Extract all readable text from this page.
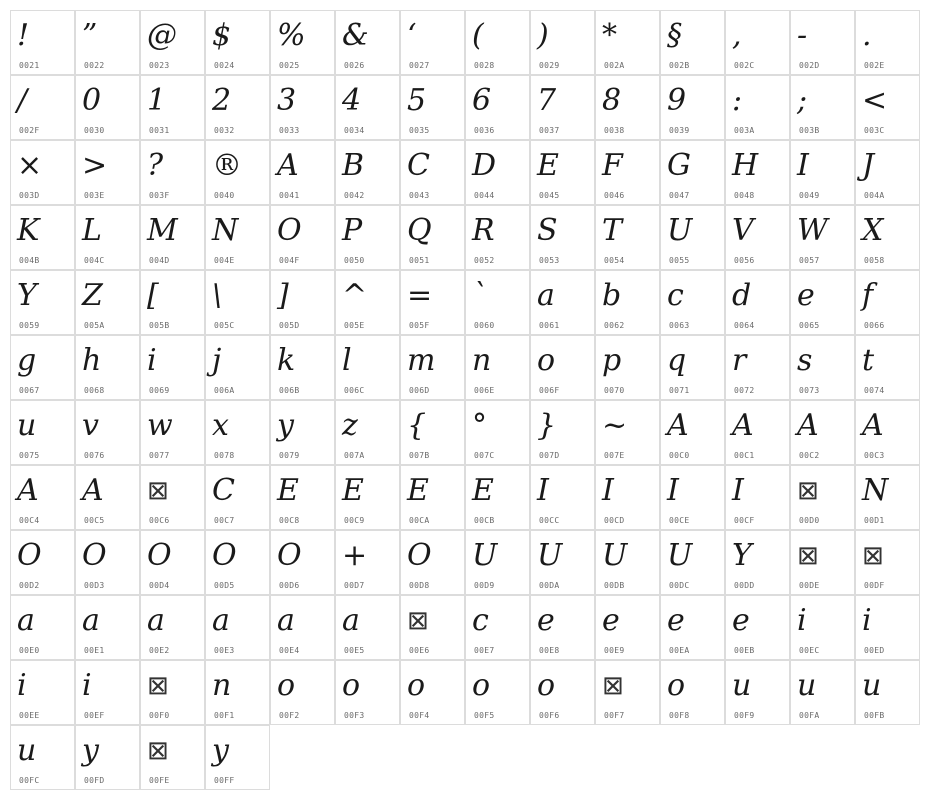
!
0021
”
0022
@
0023
$
0024
%
0025
&
0026
‘
0027
(
0028
)
0029
*
002A
§
002B
,
002C
-
002D
.
002E
/
002F
0
0030
1
0031
2
0032
3
0033
4
0034
5
0035
6
0036
7
0037
8
0038
9
0039
:
003A
;
003B
<
003C
×
003D
>
003E
?
003F
®
0040
A
0041
B
0042
C
0043
D
0044
E
0045
F
0046
G
0047
H
0048
I
0049
J
004A
K
004B
L
004C
M
004D
N
004E
O
004F
P
0050
Q
0051
R
0052
S
0053
T
0054
U
0055
V
0056
W
0057
X
0058
Y
0059
Z
005A
[
005B
\
005C
]
005D
^
005E
=
005F
`
0060
a
0061
b
0062
c
0063
d
0064
e
0065
f
0066
g
0067
h
0068
i
0069
j
006A
k
006B
l
006C
m
006D
n
006E
o
006F
p
0070
q
0071
r
0072
s
0073
t
0074
u
0075
v
0076
w
0077
x
0078
y
0079
z
007A
{
007B
°
007C
}
007D
~
007E
A
00C0
A
00C1
A
00C2
A
00C3
A
00C4
A
00C5
⊠
00C6
C
00C7
E
00C8
E
00C9
E
00CA
E
00CB
I
00CC
I
00CD
I
00CE
I
00CF
⊠
00D0
N
00D1
O
00D2
O
00D3
O
00D4
O
00D5
O
00D6
+
00D7
O
00D8
U
00D9
U
00DA
U
00DB
U
00DC
Y
00DD
⊠
00DE
⊠
00DF
a
00E0
a
00E1
a
00E2
a
00E3
a
00E4
a
00E5
⊠
00E6
c
00E7
e
00E8
e
00E9
e
00EA
e
00EB
i
00EC
i
00ED
i
00EE
i
00EF
⊠
00F0
n
00F1
o
00F2
o
00F3
o
00F4
o
00F5
o
00F6
⊠
00F7
o
00F8
u
00F9
u
00FA
u
00FB
u
00FC
y
00FD
⊠
00FE
y
00FF
